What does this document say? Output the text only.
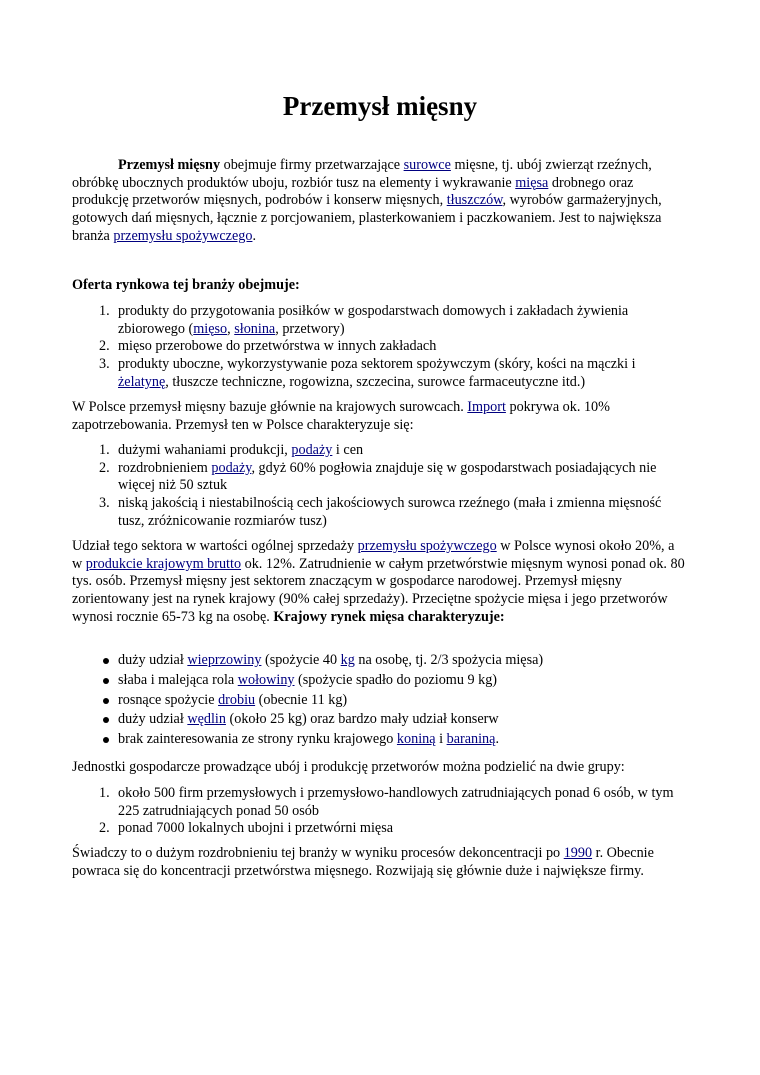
Przemysł mięsny

Przemysł mięsny obejmuje firmy przetwarzające surowce mięsne, tj. ubój zwierząt rzeźnych, obróbkę ubocznych produktów uboju, rozbiór tusz na elementy i wykrawanie mięsa drobnego oraz produkcję przetworów mięsnych, podrobów i konserw mięsnych, tłuszczów, wyrobów garmażeryjnych, gotowych dań mięsnych, łącznie z porcjowaniem, plasterkowaniem i paczkowaniem. Jest to największa branża przemysłu spożywczego.

Oferta rynkowa tej branży obejmuje:

1. produkty do przygotowania posiłków w gospodarstwach domowych i zakładach żywienia zbiorowego (mięso, słonina, przetwory)
2. mięso przerobowe do przetwórstwa w innych zakładach
3. produkty uboczne, wykorzystywanie poza sektorem spożywczym (skóry, kości na mączki i żelatynę, tłuszcze techniczne, rogowizna, szczecina, surowce farmaceutyczne itd.)

W Polsce przemysł mięsny bazuje głównie na krajowych surowcach. Import pokrywa ok. 10% zapotrzebowania. Przemysł ten w Polsce charakteryzuje się:

1. dużymi wahaniami produkcji, podaży i cen
2. rozdrobnieniem podaży, gdyż 60% pogłowia znajduje się w gospodarstwach posiadających nie więcej niż 50 sztuk
3. niską jakością i niestabilnością cech jakościowych surowca rzeźnego (mała i zmienna mięsność tusz, zróżnicowanie rozmiarów tusz)

Udział tego sektora w wartości ogólnej sprzedaży przemysłu spożywczego w Polsce wynosi około 20%, a w produkcie krajowym brutto ok. 12%. Zatrudnienie w całym przetwórstwie mięsnym wynosi ponad ok. 80 tys. osób. Przemysł mięsny jest sektorem znaczącym w gospodarce narodowej. Przemysł mięsny zorientowany jest na rynek krajowy (90% całej sprzedaży). Przeciętne spożycie mięsa i jego przetworów wynosi rocznie 65-73 kg na osobę. Krajowy rynek mięsa charakteryzuje:

duży udział wieprzowiny (spożycie 40 kg na osobę, tj. 2/3 spożycia mięsa)
słaba i malejąca rola wołowiny (spożycie spadło do poziomu 9 kg)
rosnące spożycie drobiu (obecnie 11 kg)
duży udział wędlin (około 25 kg) oraz bardzo mały udział konserw
brak zainteresowania ze strony rynku krajowego koniną i baraniną.

Jednostki gospodarcze prowadzące ubój i produkcję przetworów można podzielić na dwie grupy:

1. około 500 firm przemysłowych i przemysłowo-handlowych zatrudniających ponad 6 osób, w tym 225 zatrudniających ponad 50 osób
2. ponad 7000 lokalnych ubojni i przetwórni mięsa

Świadczy to o dużym rozdrobnieniu tej branży w wyniku procesów dekoncentracji po 1990 r. Obecnie powraca się do koncentracji przetwórstwa mięsnego. Rozwijają się głównie duże i największe firmy.
